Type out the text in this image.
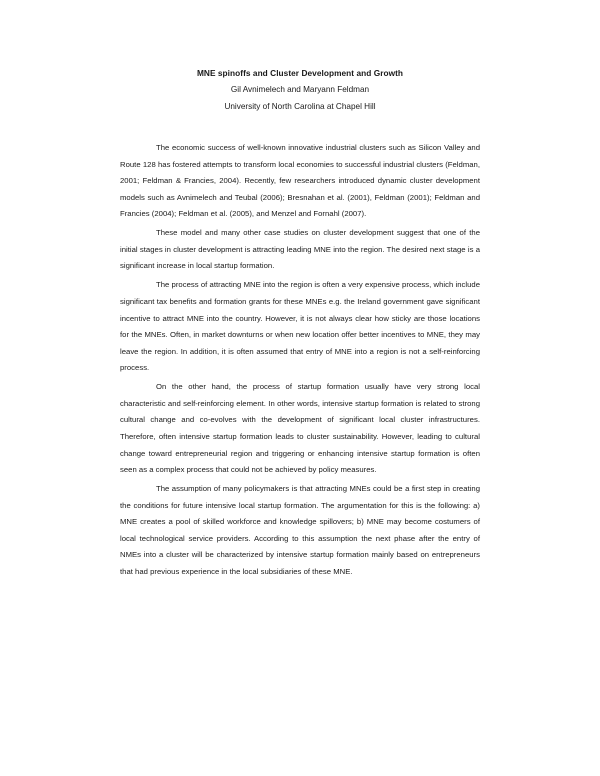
MNE spinoffs and Cluster Development and Growth
Gil Avnimelech and Maryann Feldman
University of North Carolina at Chapel Hill

The economic success of well-known innovative industrial clusters such as Silicon Valley and Route 128 has fostered attempts to transform local economies to successful industrial clusters (Feldman, 2001; Feldman & Francies, 2004). Recently, few researchers introduced dynamic cluster development models such as Avnimelech and Teubal (2006); Bresnahan et al. (2001), Feldman (2001); Feldman and Francies (2004); Feldman et al. (2005), and Menzel and Fornahl (2007).

These model and many other case studies on cluster development suggest that one of the initial stages in cluster development is attracting leading MNE into the region. The desired next stage is a significant increase in local startup formation.

The process of attracting MNE into the region is often a very expensive process, which include significant tax benefits and formation grants for these MNEs e.g. the Ireland government gave significant incentive to attract MNE into the country. However, it is not always clear how sticky are those locations for the MNEs. Often, in market downturns or when new location offer better incentives to MNE, they may leave the region. In addition, it is often assumed that entry of MNE into a region is not a self-reinforcing process.

On the other hand, the process of startup formation usually have very strong local characteristic and self-reinforcing element. In other words, intensive startup formation is related to strong cultural change and co-evolves with the development of significant local cluster infrastructures. Therefore, often intensive startup formation leads to cluster sustainability. However, leading to cultural change toward entrepreneurial region and triggering or enhancing intensive startup formation is often seen as a complex process that could not be achieved by policy measures.

The assumption of many policymakers is that attracting MNEs could be a first step in creating the conditions for future intensive local startup formation. The argumentation for this is the following: a) MNE creates a pool of skilled workforce and knowledge spillovers; b) MNE may become costumers of local technological service providers. According to this assumption the next phase after the entry of NMEs into a cluster will be characterized by intensive startup formation mainly based on entrepreneurs that had previous experience in the local subsidiaries of these MNE.
